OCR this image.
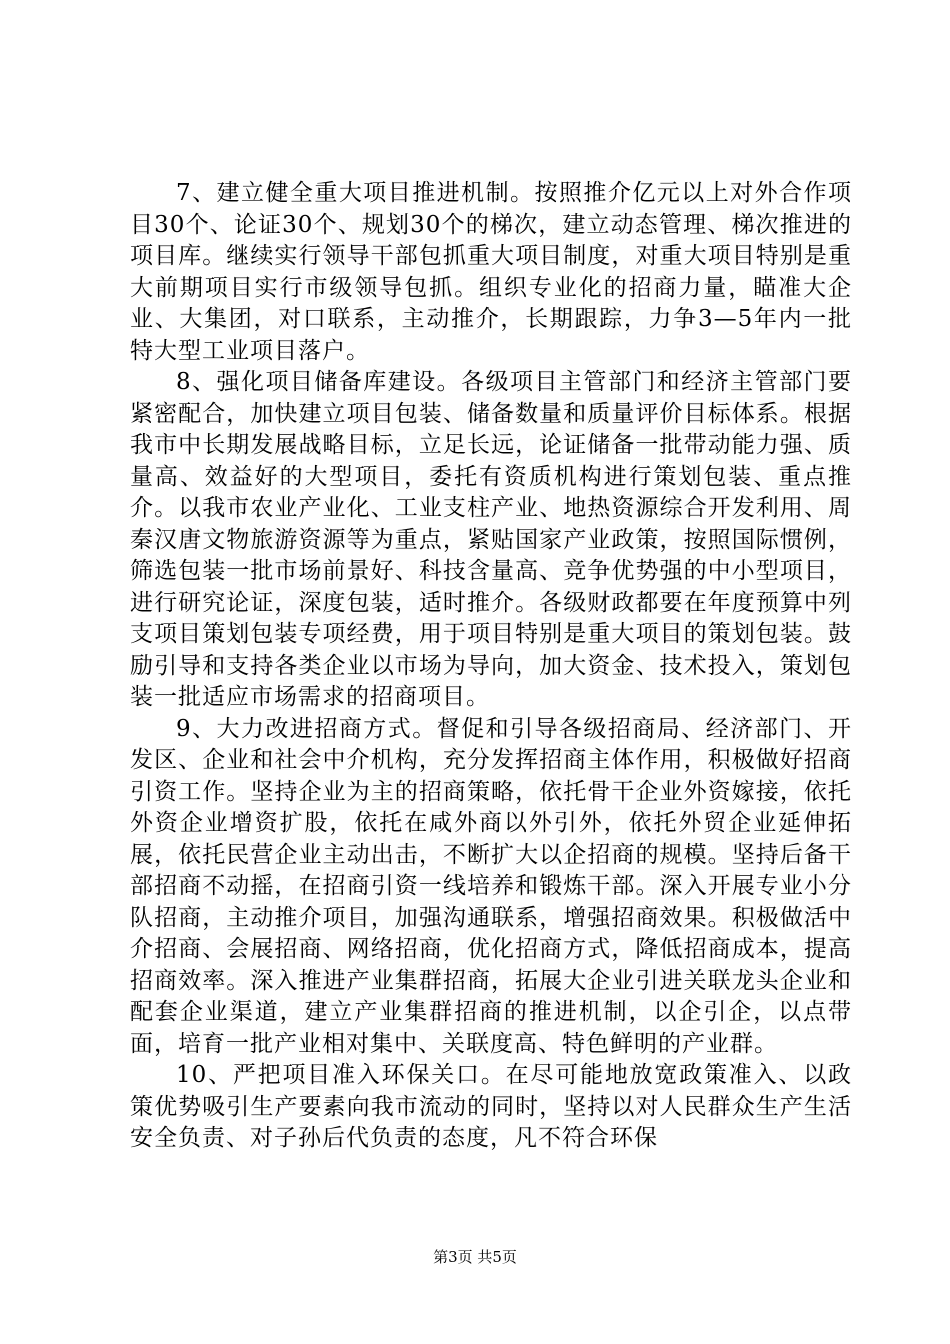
7、建立健全重大项目推进机制。按照推介亿元以上对外合作项目30个、论证30个、规划30个的梯次，建立动态管理、梯次推进的项目库。继续实行领导干部包抓重大项目制度，对重大项目特别是重大前期项目实行市级领导包抓。组织专业化的招商力量，瞄准大企业、大集团，对口联系，主动推介，长期跟踪，力争3—5年内一批特大型工业项目落户。

8、强化项目储备库建设。各级项目主管部门和经济主管部门要紧密配合，加快建立项目包装、储备数量和质量评价目标体系。根据我市中长期发展战略目标，立足长远，论证储备一批带动能力强、质量高、效益好的大型项目，委托有资质机构进行策划包装、重点推介。以我市农业产业化、工业支柱产业、地热资源综合开发利用、周秦汉唐文物旅游资源等为重点，紧贴国家产业政策，按照国际惯例，筛选包装一批市场前景好、科技含量高、竞争优势强的中小型项目，进行研究论证，深度包装，适时推介。各级财政都要在年度预算中列支项目策划包装专项经费，用于项目特别是重大项目的策划包装。鼓励引导和支持各类企业以市场为导向，加大资金、技术投入，策划包装一批适应市场需求的招商项目。

9、大力改进招商方式。督促和引导各级招商局、经济部门、开发区、企业和社会中介机构，充分发挥招商主体作用，积极做好招商引资工作。坚持企业为主的招商策略，依托骨干企业外资嫁接，依托外资企业增资扩股，依托在咸外商以外引外，依托外贸企业延伸拓展，依托民营企业主动出击，不断扩大以企招商的规模。坚持后备干部招商不动摇，在招商引资一线培养和锻炼干部。深入开展专业小分队招商，主动推介项目，加强沟通联系，增强招商效果。积极做活中介招商、会展招商、网络招商，优化招商方式，降低招商成本，提高招商效率。深入推进产业集群招商，拓展大企业引进关联龙头企业和配套企业渠道，建立产业集群招商的推进机制，以企引企，以点带面，培育一批产业相对集中、关联度高、特色鲜明的产业群。

10、严把项目准入环保关口。在尽可能地放宽政策准入、以政策优势吸引生产要素向我市流动的同时，坚持以对人民群众生产生活安全负责、对子孙后代负责的态度，凡不符合环保

第3页 共5页
